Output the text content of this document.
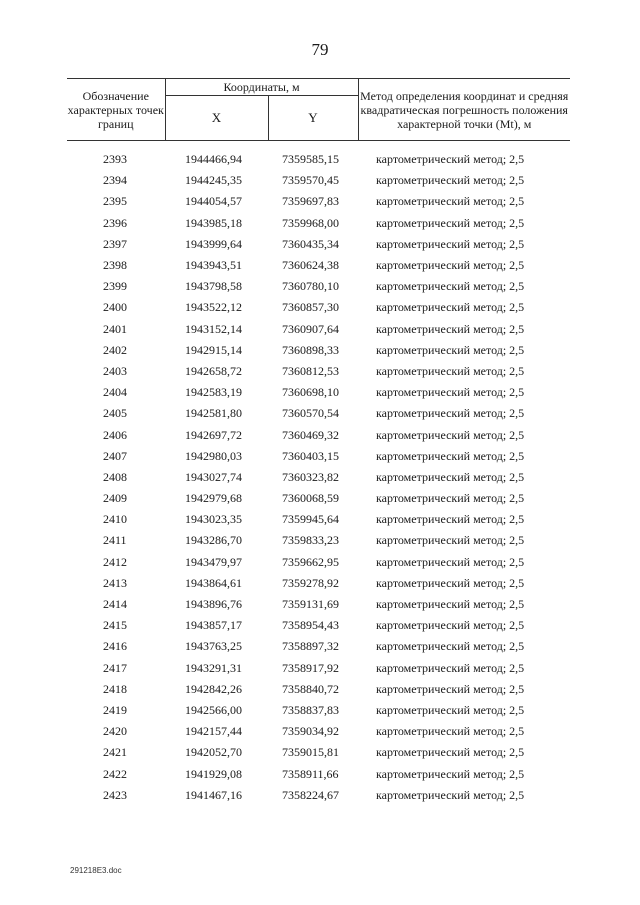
79
Обозначение характерных точек границ	Координаты, м		Метод определения координат и средняя квадратическая погрешность положения характерной точки (Mt), м
	X	Y	
2393	1944466,94	7359585,15	картометрический метод; 2,5
2394	1944245,35	7359570,45	картометрический метод; 2,5
2395	1944054,57	7359697,83	картометрический метод; 2,5
2396	1943985,18	7359968,00	картометрический метод; 2,5
2397	1943999,64	7360435,34	картометрический метод; 2,5
2398	1943943,51	7360624,38	картометрический метод; 2,5
2399	1943798,58	7360780,10	картометрический метод; 2,5
2400	1943522,12	7360857,30	картометрический метод; 2,5
2401	1943152,14	7360907,64	картометрический метод; 2,5
2402	1942915,14	7360898,33	картометрический метод; 2,5
2403	1942658,72	7360812,53	картометрический метод; 2,5
2404	1942583,19	7360698,10	картометрический метод; 2,5
2405	1942581,80	7360570,54	картометрический метод; 2,5
2406	1942697,72	7360469,32	картометрический метод; 2,5
2407	1942980,03	7360403,15	картометрический метод; 2,5
2408	1943027,74	7360323,82	картометрический метод; 2,5
2409	1942979,68	7360068,59	картометрический метод; 2,5
2410	1943023,35	7359945,64	картометрический метод; 2,5
2411	1943286,70	7359833,23	картометрический метод; 2,5
2412	1943479,97	7359662,95	картометрический метод; 2,5
2413	1943864,61	7359278,92	картометрический метод; 2,5
2414	1943896,76	7359131,69	картометрический метод; 2,5
2415	1943857,17	7358954,43	картометрический метод; 2,5
2416	1943763,25	7358897,32	картометрический метод; 2,5
2417	1943291,31	7358917,92	картометрический метод; 2,5
2418	1942842,26	7358840,72	картометрический метод; 2,5
2419	1942566,00	7358837,83	картометрический метод; 2,5
2420	1942157,44	7359034,92	картометрический метод; 2,5
2421	1942052,70	7359015,81	картометрический метод; 2,5
2422	1941929,08	7358911,66	картометрический метод; 2,5
2423	1941467,16	7358224,67	картометрический метод; 2,5
291218E3.doc
